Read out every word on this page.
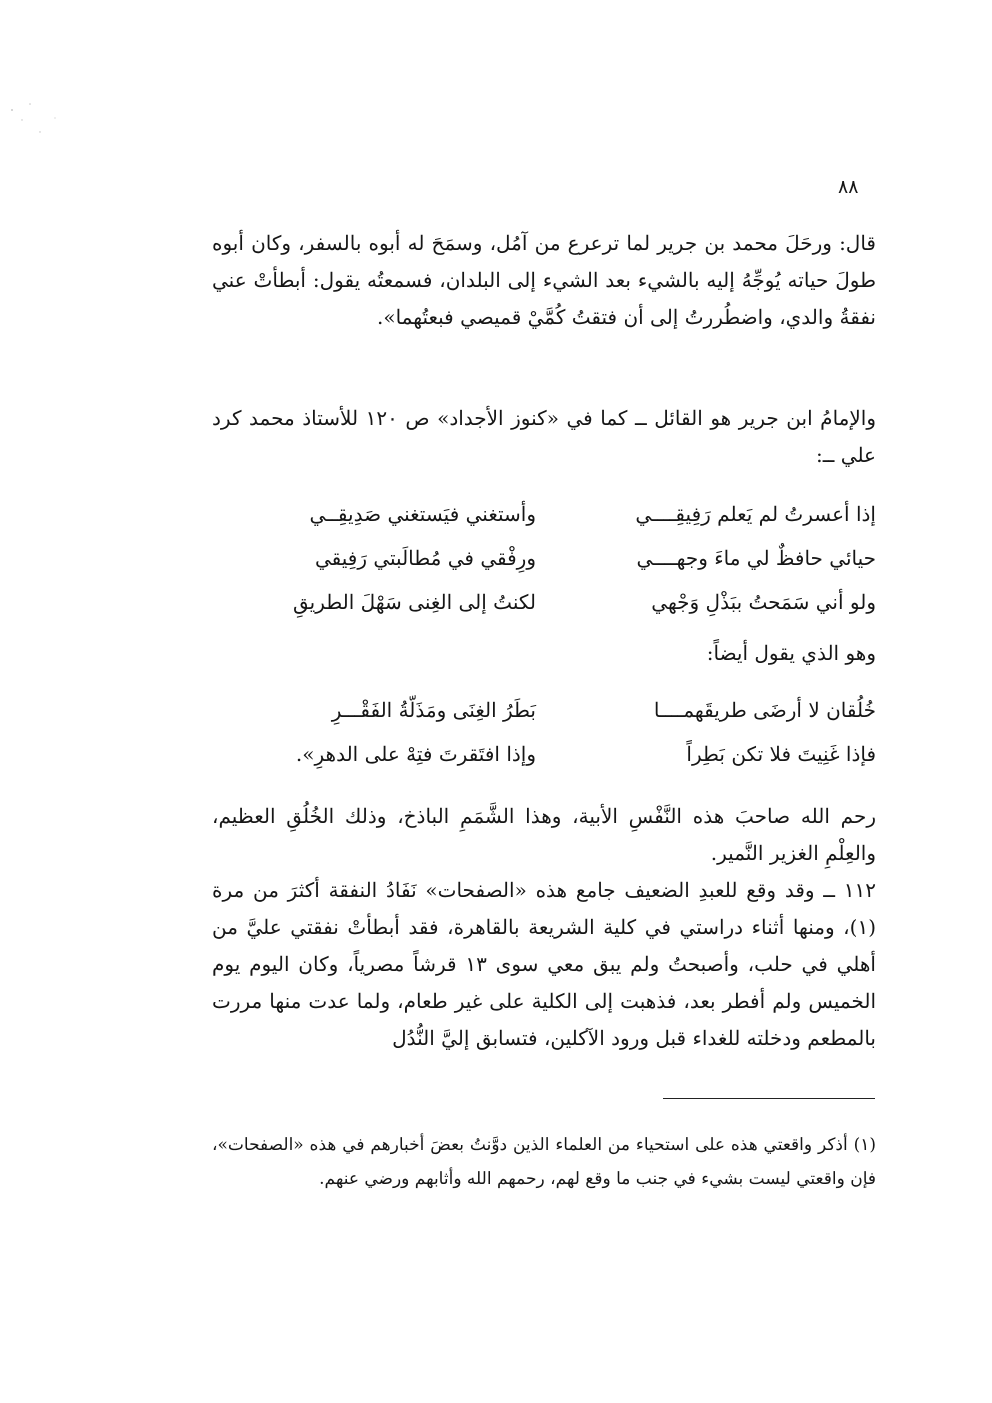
٨٨

قال: ورحَلَ محمد بن جرير لما ترعرع من آمُل، وسمَحَ له أبوه بالسفر، وكان أبوه طولَ حياته يُوجِّهُ إليه بالشيء بعد الشيء إلى البلدان، فسمعتُه يقول: أبطأتْ عني نفقةُ والدي، واضطُررتُ إلى أن فتقتُ كُمَّيْ قميصي فبعتُهما».

والإمامُ ابن جرير هو القائل ــ كما في «كنوز الأجداد» ص ١٢٠ للأستاذ محمد كرد علي ــ:

إذا أعسرتُ لم يَعلم رَفِيقِــــي
وأستغني فيَستغني صَدِيقِــي
حيائي حافظٌ لي ماءَ وجهــــي
ورِفْقي في مُطالَبتي رَفِيقي
ولو أني سَمَحتُ ببَذْلِ وَجْهي
لكنتُ إلى الغِنى سَهْلَ الطريقِ

وهو الذي يقول أيضاً:

خُلُقان لا أرضَى طريقَهمــــا
بَطَرُ الغِنَى ومَذَلّةُ الفَقْـــرِ
فإذا غَنِيتَ فلا تكن بَطِراً
وإذا افتَقرتَ فتِهْ على الدهرِ».

رحم الله صاحبَ هذه النَّفْسِ الأبية، وهذا الشَّمَمِ الباذخ، وذلك الخُلُقِ العظيم، والعِلْمِ الغزير النَّمير.

١١٢ ــ وقد وقع للعبدِ الضعيف جامع هذه «الصفحات» نَفَادُ النفقة أكثرَ من مرة (١)، ومنها أثناء دراستي في كلية الشريعة بالقاهرة، فقد أبطأتْ نفقتي عليَّ من أهلي في حلب، وأصبحتُ ولم يبق معي سوى ١٣ قرشاً مصرياً، وكان اليوم يوم الخميس ولم أفطر بعد، فذهبت إلى الكلية على غير طعام، ولما عدت منها مررت بالمطعم ودخلته للغداء قبل ورود الآكلين، فتسابق إليَّ النُّدُل

(١) أذكر واقعتي هذه على استحياء من العلماء الذين دوَّنتُ بعضَ أخبارهم في هذه «الصفحات»، فإن واقعتي ليست بشيء في جنب ما وقع لهم، رحمهم الله وأثابهم ورضي عنهم.
